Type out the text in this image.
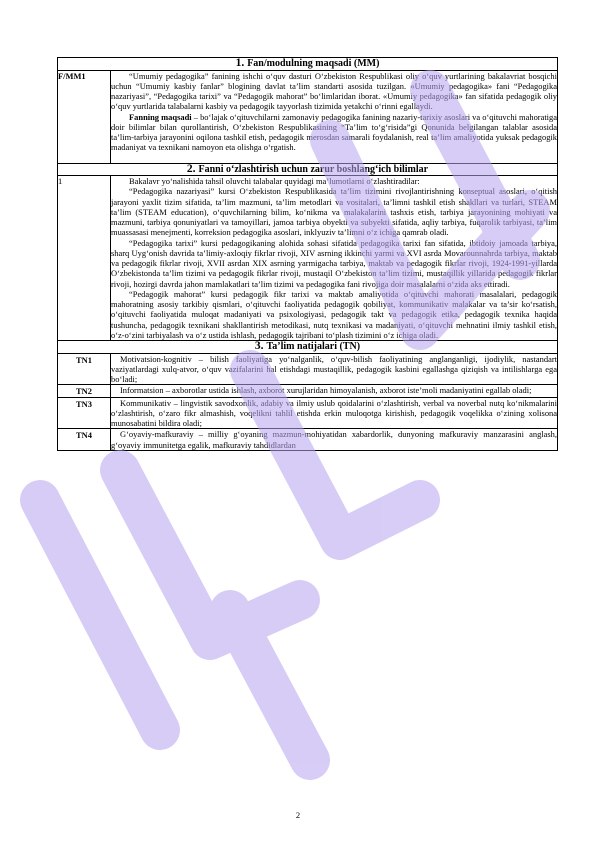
1. Fan/modulning maqsadi (MM)	
F/MM1	“Umumiy pedagogika” fanining ishchi o‘quv dasturi O‘zbekiston Respublikasi oliy o‘quv yurtlarining bakalavriat bosqichi uchun “Umumiy kasbiy fanlar” blogining davlat ta’lim standarti asosida tuzilgan. «Umumiy pedagogika» fani “Pedagogika nazariyasi”, “Pedagogika tarixi” va “Pedagogik mahorat” bo‘limlaridan iborat. «Umumiy pedagogika» fan sifatida pedagogik oliy o‘quv yurtlarida talabalarni kasbiy va pedagogik tayyorlash tizimida yetakchi o‘rinni egallaydi.

Fanning maqsadi – bo‘lajak o‘qituvchilarni zamonaviy pedagogika fanining nazariy-tarixiy asoslari va o‘qituvchi mahoratiga doir bilimlar bilan qurollantirish, O‘zbekiston Respublikasining “Ta’lim to‘g‘risida”gi Qonunida belgilangan talablar asosida ta’lim-tarbiya jarayonini oqilona tashkil etish, pedagogik merosdan samarali foydalanish, real ta’lim amaliyotida yuksak pedagogik madaniyat va texnikani namoyon eta olishga o‘rgatish.

2. Fanni o‘zlashtirish uchun zarur boshlang‘ich bilimlar	
1	Bakalavr yo‘nalishida tahsil oluvchi talabalar quyidagi ma’lumotlarni o‘zlashtiradilar:

“Pedagogika nazariyasi” kursi O‘zbekiston Respublikasida ta’lim tizimini rivojlantirishning konseptual asoslari, o‘qitish jarayoni yaxlit tizim sifatida, ta’lim mazmuni, ta’lim metodlari va vositalari, ta’limni tashkil etish shakllari va turlari, STEAM ta’lim (STEAM education), o‘quvchilarning bilim, ko‘nikma va malakalarini tashxis etish, tarbiya jarayonining mohiyati va mazmuni, tarbiya qonuniyatlari va tamoyillari, jamoa tarbiya obyekti va subyekti sifatida, aqliy tarbiya, fuqarolik tarbiyasi, ta’lim muassasasi menejmenti, korreksion pedagogika asoslari, inklyuziv ta’limni o‘z ichiga qamrab oladi.

“Pedagogika tarixi” kursi pedagogikaning alohida sohasi sifatida pedagogika tarixi fan sifatida, ibtidoiy jamoada tarbiya, sharq Uyg‘onish davrida ta’limiy-axloqiy fikrlar rivoji, XIV asrning ikkinchi yarmi va XVI asrda Movarounnahrda tarbiya, maktab va pedagogik fikrlar rivoji, XVII asrdan XIX asrning yarmigacha tarbiya, maktab va pedagogik fikrlar rivoji, 1924-1991-yillarda O‘zbekistonda ta’lim tizimi va pedagogik fikrlar rivoji, mustaqil O‘zbekiston ta’lim tizimi, mustaqillik yillarida pedagogik fikrlar rivoji, hozirgi davrda jahon mamlakatlari ta’lim tizimi va pedagogika fani rivojiga doir masalalarni o‘zida aks ettiradi.

“Pedagogik mahorat” kursi pedagogik fikr tarixi va maktab amaliyotida o‘qituvchi mahorati masalalari, pedagogik mahoratning asosiy tarkibiy qismlari, o‘qituvchi faoliyatida pedagogik qobiliyat, kommunikativ malakalar va ta’sir ko‘rsatish, o‘qituvchi faoliyatida muloqat madaniyati va psixologiyasi, pedagogik takt va pedagogik etika, pedagogik texnika haqida tushuncha, pedagogik texnikani shakllantirish metodikasi, nutq texnikasi va madaniyati, o‘qituvchi mehnatini ilmiy tashkil etish, o‘z-o‘zini tarbiyalash va o‘z ustida ishlash, pedagogik tajribani to‘plash tizimini o‘z ichiga oladi.

3. Ta’lim natijalari (TN)	
TN1	Motivatsion-kognitiv – bilish faoliyatiga yo‘nalganlik, o‘quv-bilish faoliyatining anglanganligi, ijodiylik, nastandart vaziyatlardagi xulq-atvor, o‘quv vazifalarini hal etishdagi mustaqillik, pedagogik kasbini egallashga qiziqish va intilishlarga ega bo‘ladi;

TN2	Informatsion – axborotlar ustida ishlash, axborot xurujlaridan himoyalanish, axborot iste’moli madaniyatini egallab oladi;

TN3	Kommunikativ – lingvistik savodxonlik, adabiy va ilmiy uslub qoidalarini o‘zlashtirish, verbal va noverbal nutq ko‘nikmalarini o‘zlashtirish, o‘zaro fikr almashish, voqelikni tahlil etishda erkin muloqotga kirishish, pedagogik voqelikka o‘zining xolisona munosabatini bildira oladi;

TN4	G‘oyaviy-mafkuraviy – milliy g‘oyaning mazmun-mohiyatidan xabardorlik, dunyoning mafkuraviy manzarasini anglash, g‘oyaviy immunitetga egalik, mafkuraviy tahdidlardan

2
